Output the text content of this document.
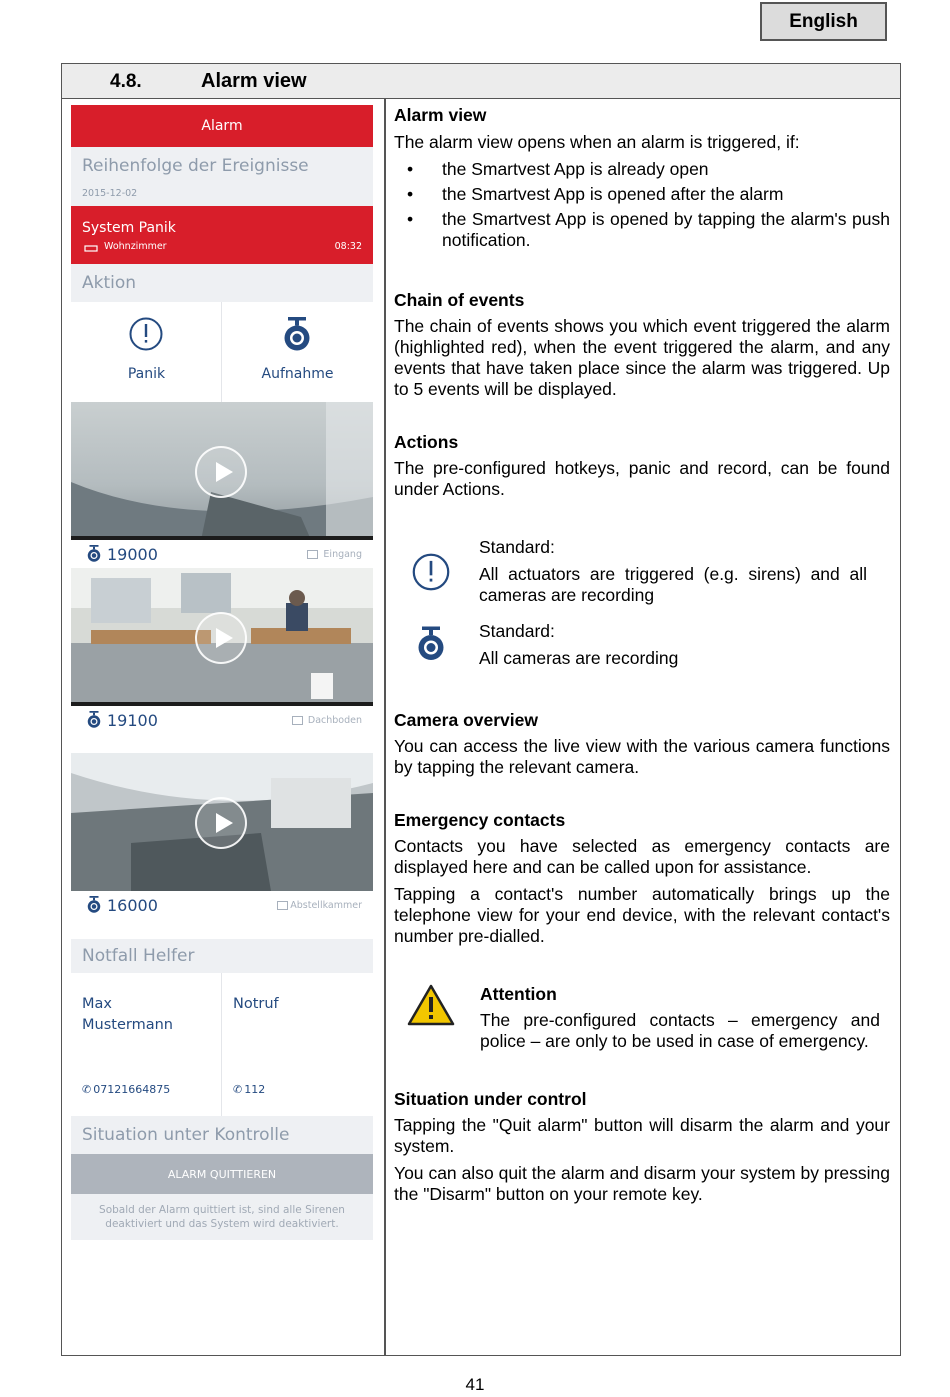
English
4.8.	Alarm view
Alarm
Reihenfolge der Ereignisse
2015-12-02
System Panik
Wohnzimmer	08:32
Aktion
Panik	Aufnahme
19000	Eingang
19100	Dachboden
16000	Abstellkammer
Notfall Helfer
Max
Mustermann
✆ 07121664875
Notruf
✆ 112
Situation unter Kontrolle
ALARM QUITTIEREN
Sobald der Alarm quittiert ist, sind alle Sirenen
deaktiviert und das System wird deaktiviert.
Alarm view
The alarm view opens when an alarm is triggered, if:
• the Smartvest App is already open
• the Smartvest App is opened after the alarm
• the Smartvest App is opened by tapping the alarm's push notification.
Chain of events
The chain of events shows you which event triggered the alarm (highlighted red), when the event triggered the alarm, and any events that have taken place since the alarm was triggered. Up to 5 events will be displayed.
Actions
The pre-configured hotkeys, panic and record, can be found under Actions.
Standard:
All actuators are triggered (e.g. sirens) and all cameras are recording
Standard:
All cameras are recording
Camera overview
You can access the live view with the various camera functions by tapping the relevant camera.
Emergency contacts
Contacts you have selected as emergency contacts are displayed here and can be called upon for assistance.
Tapping a contact's number automatically brings up the telephone view for your end device, with the relevant contact's number pre-dialled.
Attention
The pre-configured contacts – emergency and police – are only to be used in case of emergency.
Situation under control
Tapping the "Quit alarm" button will disarm the alarm and your system.
You can also quit the alarm and disarm your system by pressing the "Disarm" button on your remote key.
41
